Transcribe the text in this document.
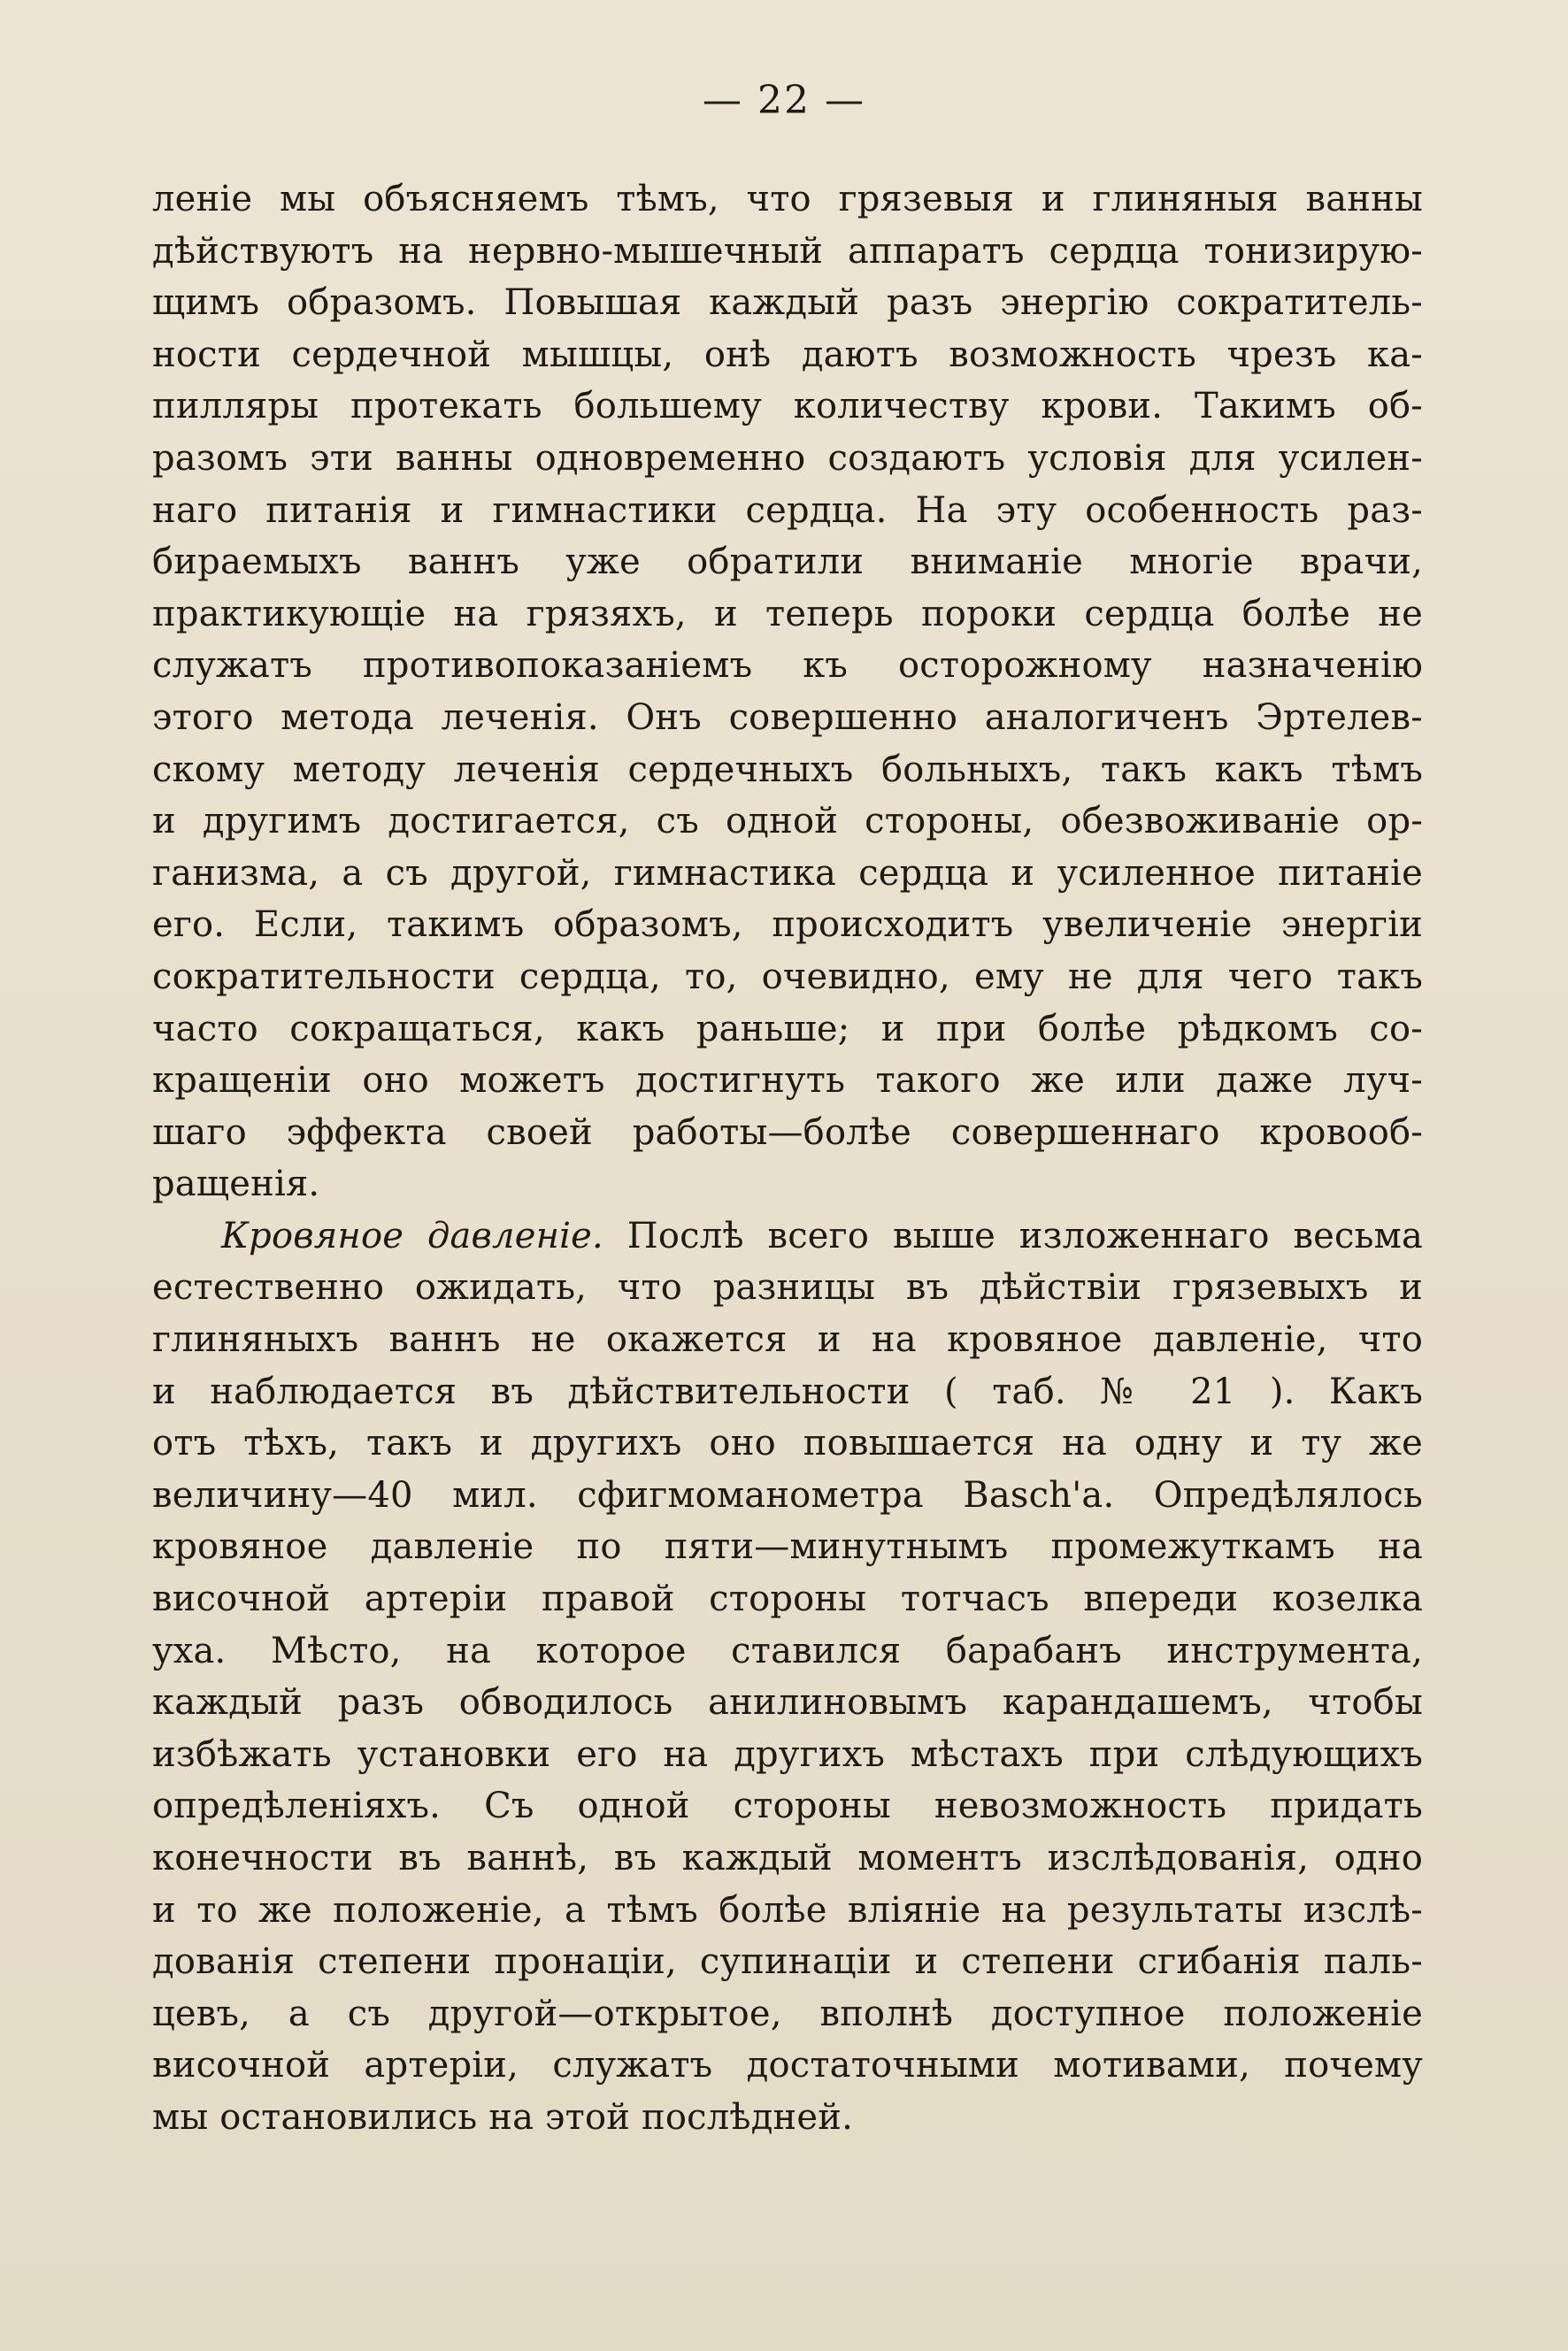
— 22 —
леніе мы объясняемъ тѣмъ, что грязевыя и глиняныя ванны
дѣйствуютъ на нервно-мышечный аппаратъ сердца тонизирую-
щимъ образомъ. Повышая каждый разъ энергію сократитель-
ности сердечной мышцы, онѣ даютъ возможность чрезъ ка-
пилляры протекать большему количеству крови. Такимъ об-
разомъ эти ванны одновременно создаютъ условія для усилен-
наго питанія и гимнастики сердца. На эту особенность раз-
бираемыхъ ваннъ уже обратили вниманіе многіе врачи,
практикующіе на грязяхъ, и теперь пороки сердца болѣе не
служатъ противопоказаніемъ къ осторожному назначенію
этого метода леченія. Онъ совершенно аналогиченъ Эртелев-
скому методу леченія сердечныхъ больныхъ, такъ какъ тѣмъ
и другимъ достигается, съ одной стороны, обезвоживаніе ор-
ганизма, а съ другой, гимнастика сердца и усиленное питаніе
его. Если, такимъ образомъ, происходитъ увеличеніе энергіи
сократительности сердца, то, очевидно, ему не для чего такъ
часто сокращаться, какъ раньше; и при болѣе рѣдкомъ со-
кращеніи оно можетъ достигнуть такого же или даже луч-
шаго эффекта своей работы—болѣе совершеннаго кровооб-
ращенія.
Кровяное давленіе. Послѣ всего выше изложеннаго весьма
естественно ожидать, что разницы въ дѣйствіи грязевыхъ и
глиняныхъ ваннъ не окажется и на кровяное давленіе, что
и наблюдается въ дѣйствительности ( таб. № 21 ). Какъ
отъ тѣхъ, такъ и другихъ оно повышается на одну и ту же
величину—40 мил. сфигмоманометра Basch'а. Опредѣлялось
кровяное давленіе по пяти—минутнымъ промежуткамъ на
височной артеріи правой стороны тотчасъ впереди козелка
уха. Мѣсто, на которое ставился барабанъ инструмента,
каждый разъ обводилось анилиновымъ карандашемъ, чтобы
избѣжать установки его на другихъ мѣстахъ при слѣдующихъ
опредѣленіяхъ. Съ одной стороны невозможность придать
конечности въ ваннѣ, въ каждый моментъ изслѣдованія, одно
и то же положеніе, а тѣмъ болѣе вліяніе на результаты изслѣ-
дованія степени пронаціи, супинаціи и степени сгибанія паль-
цевъ, а съ другой—открытое, вполнѣ доступное положеніе
височной артеріи, служатъ достаточными мотивами, почему
мы остановились на этой послѣдней.
